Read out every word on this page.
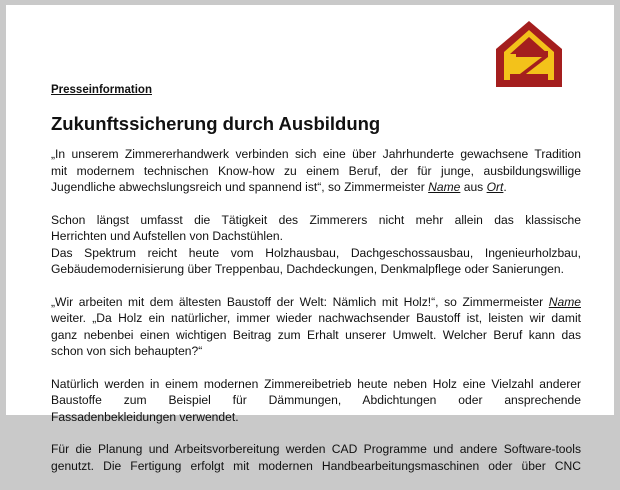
Presseinformation
Zukunftssicherung durch Ausbildung
„In unserem Zimmererhandwerk verbinden sich eine über Jahrhunderte gewachsene Tradition
mit modernem technischen Know-how zu einem Beruf, der für junge, ausbildungswillige
Jugendliche abwechslungsreich und spannend ist“, so Zimmermeister Name aus Ort.
Schon längst umfasst die Tätigkeit des Zimmerers nicht mehr allein das klassische
Herrichten und Aufstellen von Dachstühlen.
Das Spektrum reicht heute vom Holzhausbau, Dachgeschossausbau, Ingenieurholzbau,
Gebäudemodernisierung über Treppenbau, Dachdeckungen, Denkmalpflege oder Sanierungen.
„Wir arbeiten mit dem ältesten Baustoff der Welt: Nämlich mit Holz!“, so Zimmermeister Name
weiter. „Da Holz ein natürlicher, immer wieder nachwachsender Baustoff ist, leisten wir damit
ganz nebenbei einen wichtigen Beitrag zum Erhalt unserer Umwelt. Welcher Beruf kann das
schon von sich behaupten?“
Natürlich werden in einem modernen Zimmereibetrieb heute neben Holz eine Vielzahl anderer
Baustoffe zum Beispiel für Dämmungen, Abdichtungen oder ansprechende
Fassadenbekleidungen verwendet.
Für die Planung und Arbeitsvorbereitung werden CAD Programme und andere Software-tools
genutzt. Die Fertigung erfolgt mit modernen Handbearbeitungsmaschinen oder über CNC
